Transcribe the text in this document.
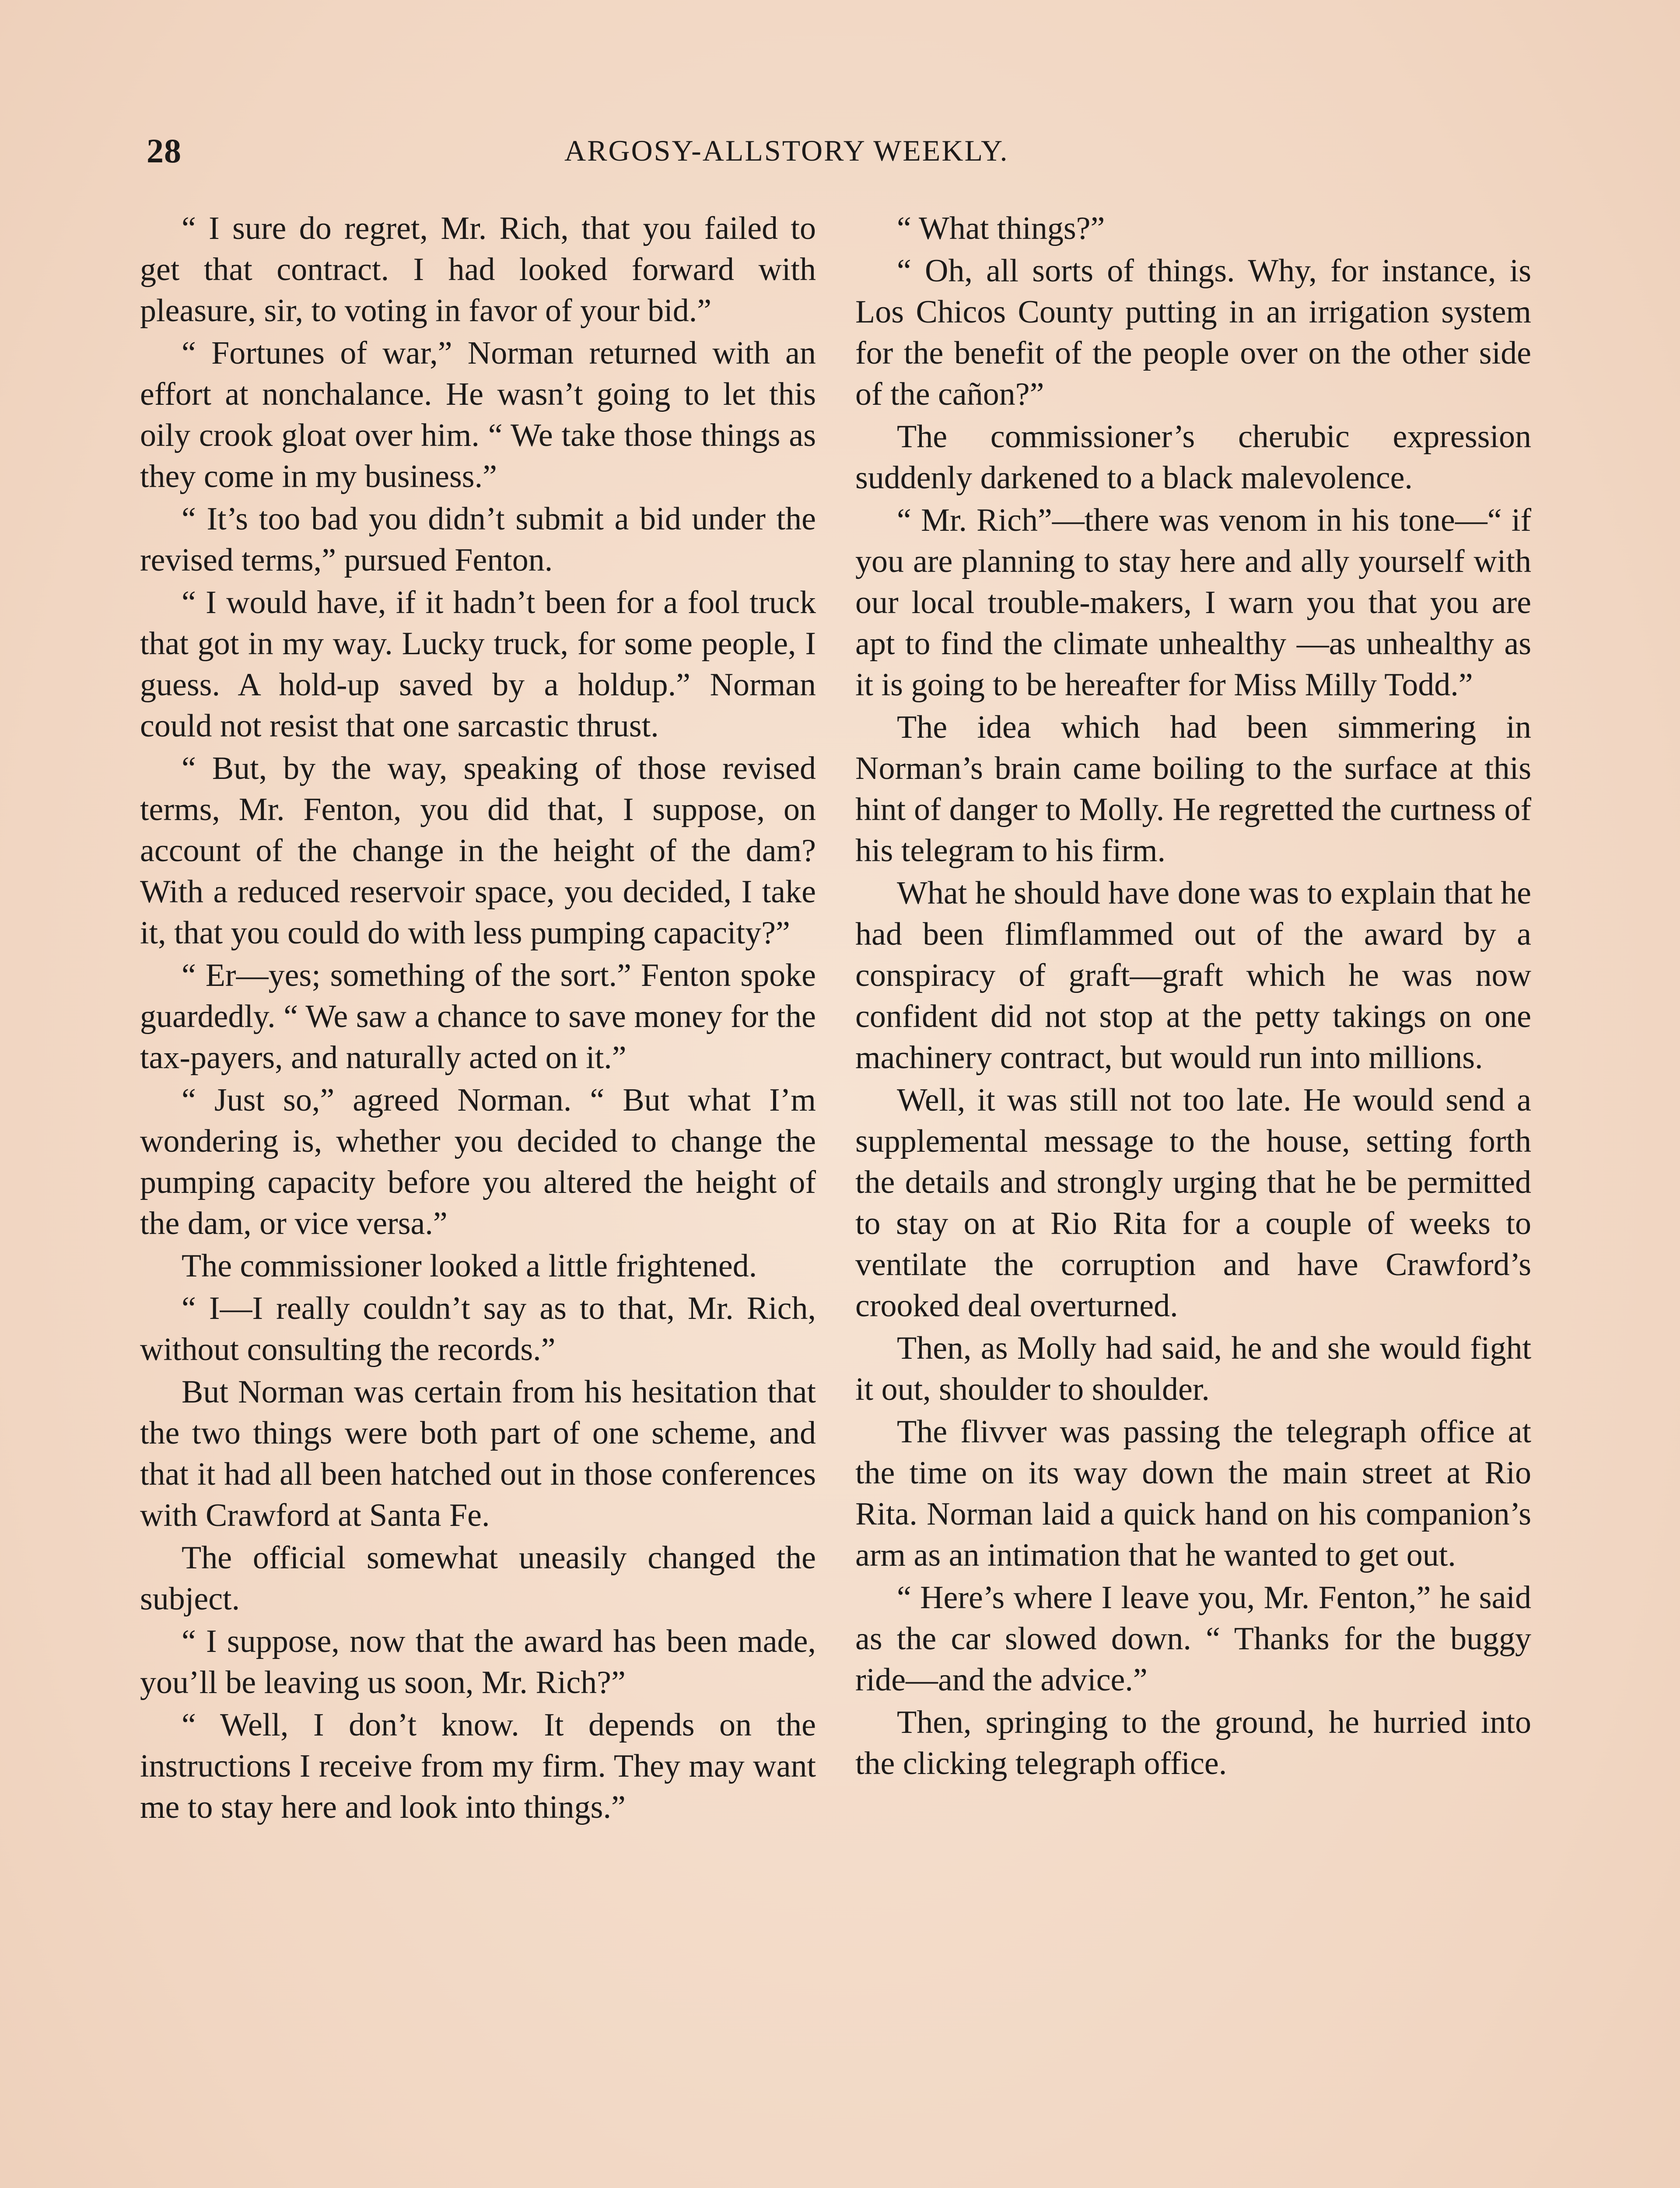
28	ARGOSY-ALLSTORY WEEKLY.

“ I sure do regret, Mr. Rich, that you failed to get that contract. I had looked forward with pleasure, sir, to voting in favor of your bid.”

“ Fortunes of war,” Norman returned with an effort at nonchalance. He wasn’t going to let this oily crook gloat over him. “ We take those things as they come in my business.”

“ It’s too bad you didn’t submit a bid under the revised terms,” pursued Fenton.

“ I would have, if it hadn’t been for a fool truck that got in my way. Lucky truck, for some people, I guess. A hold-up saved by a holdup.” Norman could not resist that one sarcastic thrust.

“ But, by the way, speaking of those revised terms, Mr. Fenton, you did that, I suppose, on account of the change in the height of the dam? With a reduced reservoir space, you decided, I take it, that you could do with less pumping capacity?”

“ Er—yes; something of the sort.” Fenton spoke guardedly. “ We saw a chance to save money for the tax-payers, and naturally acted on it.”

“ Just so,” agreed Norman. “ But what I’m wondering is, whether you decided to change the pumping capacity before you altered the height of the dam, or vice versa.”

The commissioner looked a little frightened.

“ I—I really couldn’t say as to that, Mr. Rich, without consulting the records.”

But Norman was certain from his hesitation that the two things were both part of one scheme, and that it had all been hatched out in those conferences with Crawford at Santa Fe.

The official somewhat uneasily changed the subject.

“ I suppose, now that the award has been made, you’ll be leaving us soon, Mr. Rich?”

“ Well, I don’t know. It depends on the instructions I receive from my firm. They may want me to stay here and look into things.”

“ What things?”

“ Oh, all sorts of things. Why, for instance, is Los Chicos County putting in an irrigation system for the benefit of the people over on the other side of the cañon?”

The commissioner’s cherubic expression suddenly darkened to a black malevolence.

“ Mr. Rich”—there was venom in his tone—“ if you are planning to stay here and ally yourself with our local trouble-makers, I warn you that you are apt to find the climate unhealthy —as unhealthy as it is going to be hereafter for Miss Milly Todd.”

The idea which had been simmering in Norman’s brain came boiling to the surface at this hint of danger to Molly. He regretted the curtness of his telegram to his firm.

What he should have done was to explain that he had been flimflammed out of the award by a conspiracy of graft—graft which he was now confident did not stop at the petty takings on one machinery contract, but would run into millions.

Well, it was still not too late. He would send a supplemental message to the house, setting forth the details and strongly urging that he be permitted to stay on at Rio Rita for a couple of weeks to ventilate the corruption and have Crawford’s crooked deal overturned.

Then, as Molly had said, he and she would fight it out, shoulder to shoulder.

The flivver was passing the telegraph office at the time on its way down the main street at Rio Rita. Norman laid a quick hand on his companion’s arm as an intimation that he wanted to get out.

“ Here’s where I leave you, Mr. Fenton,” he said as the car slowed down. “ Thanks for the buggy ride—and the advice.”

Then, springing to the ground, he hurried into the clicking telegraph office.
